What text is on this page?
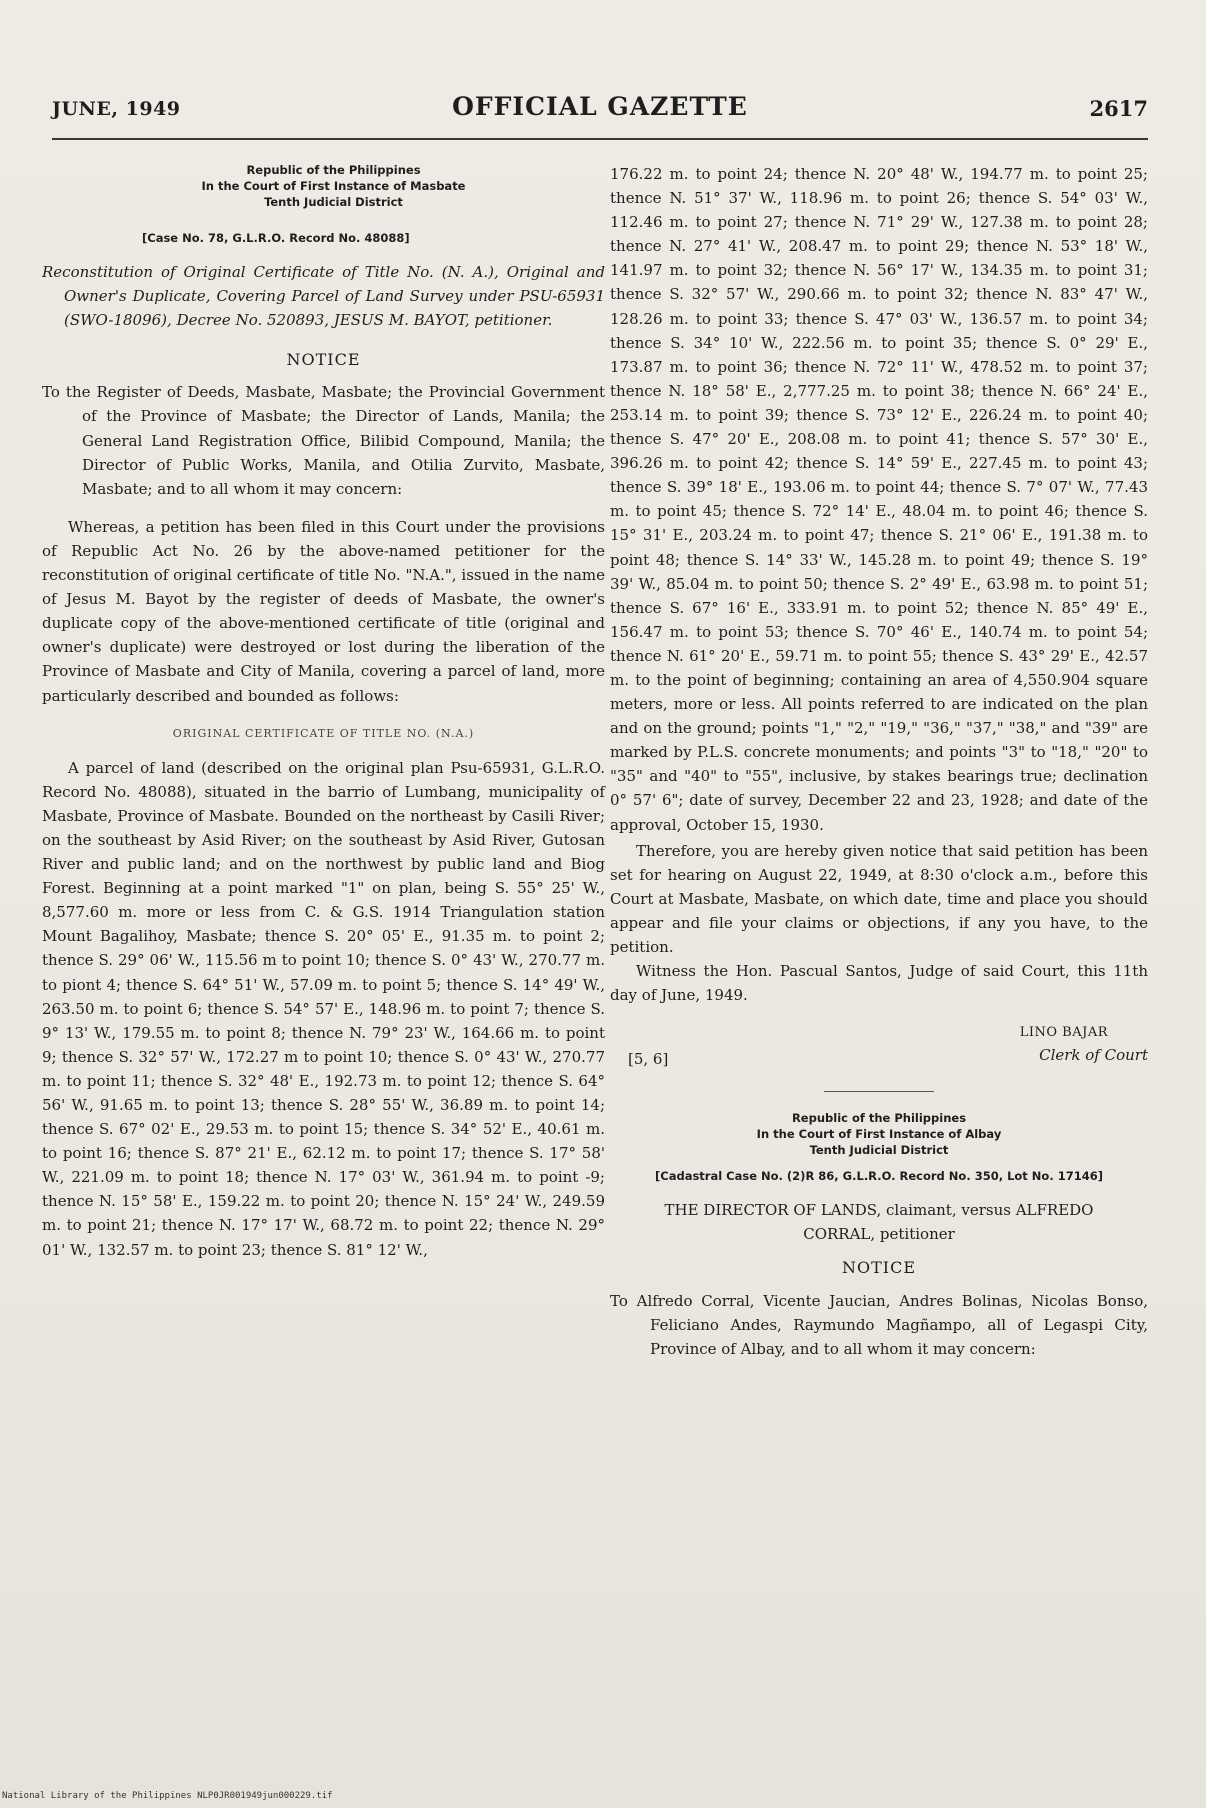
JUNE, 1949	OFFICIAL GAZETTE	2617
Republic of the Philippines
In the Court of First Instance of Masbate
Tenth Judicial District
[Case No. 78, G.L.R.O. Record No. 48088]

Reconstitution of Original Certificate of Title No. (N. A.), Original and Owner's Duplicate, Covering Parcel of Land Survey under PSU-65931 (SWO-18096), Decree No. 520893, JESUS M. BAYOT, petitioner.

NOTICE

To the Register of Deeds, Masbate, Masbate; the Provincial Government of the Province of Masbate; the Director of Lands, Manila; the General Land Registration Office, Bilibid Compound, Manila; the Director of Public Works, Manila, and Otilia Zurvito, Masbate, Masbate; and to all whom it may concern:

Whereas, a petition has been filed in this Court under the provisions of Republic Act No. 26 by the above-named petitioner for the reconstitution of original certificate of title No. "N.A.", issued in the name of Jesus M. Bayot by the register of deeds of Masbate, the owner's duplicate copy of the above-mentioned certificate of title (original and owner's duplicate) were destroyed or lost during the liberation of the Province of Masbate and City of Manila, covering a parcel of land, more particularly described and bounded as follows:

ORIGINAL CERTIFICATE OF TITLE NO. (N.A.)

A parcel of land (described on the original plan Psu-65931, G.L.R.O. Record No. 48088), situated in the barrio of Lumbang, municipality of Masbate, Province of Masbate. Bounded on the northeast by Casili River; on the southeast by Asid River; on the southeast by Asid River, Gutosan River and public land; and on the northwest by public land and Biog Forest. Beginning at a point marked "1" on plan, being S. 55° 25' W., 8,577.60 m. more or less from C. & G.S. 1914 Triangulation station Mount Bagalihoy, Masbate; thence S. 20° 05' E., 91.35 m. to point 2; thence S. 29° 06' W., 115.56 m to point 10; thence S. 0° 43' W., 270.77 m. to piont 4; thence S. 64° 51' W., 57.09 m. to point 5; thence S. 14° 49' W., 263.50 m. to point 6; thence S. 54° 57' E., 148.96 m. to point 7; thence S. 9° 13' W., 179.55 m. to point 8; thence N. 79° 23' W., 164.66 m. to point 9; thence S. 32° 57' W., 172.27 m to point 10; thence S. 0° 43' W., 270.77 m. to point 11; thence S. 32° 48' E., 192.73 m. to point 12; thence S. 64° 56' W., 91.65 m. to point 13; thence S. 28° 55' W., 36.89 m. to point 14; thence S. 67° 02' E., 29.53 m. to point 15; thence S. 34° 52' E., 40.61 m. to point 16; thence S. 87° 21' E., 62.12 m. to point 17; thence S. 17° 58' W., 221.09 m. to point 18; thence N. 17° 03' W., 361.94 m. to point -9; thence N. 15° 58' E., 159.22 m. to point 20; thence N. 15° 24' W., 249.59 m. to point 21; thence N. 17° 17' W., 68.72 m. to point 22; thence N. 29° 01' W., 132.57 m. to point 23; thence S. 81° 12' W.,

176.22 m. to point 24; thence N. 20° 48' W., 194.77 m. to point 25; thence N. 51° 37' W., 118.96 m. to point 26; thence S. 54° 03' W., 112.46 m. to point 27; thence N. 71° 29' W., 127.38 m. to point 28; thence N. 27° 41' W., 208.47 m. to point 29; thence N. 53° 18' W., 141.97 m. to point 32; thence N. 56° 17' W., 134.35 m. to point 31; thence S. 32° 57' W., 290.66 m. to point 32; thence N. 83° 47' W., 128.26 m. to point 33; thence S. 47° 03' W., 136.57 m. to point 34; thence S. 34° 10' W., 222.56 m. to point 35; thence S. 0° 29' E., 173.87 m. to point 36; thence N. 72° 11' W., 478.52 m. to point 37; thence N. 18° 58' E., 2,777.25 m. to point 38; thence N. 66° 24' E., 253.14 m. to point 39; thence S. 73° 12' E., 226.24 m. to point 40; thence S. 47° 20' E., 208.08 m. to point 41; thence S. 57° 30' E., 396.26 m. to point 42; thence S. 14° 59' E., 227.45 m. to point 43; thence S. 39° 18' E., 193.06 m. to point 44; thence S. 7° 07' W., 77.43 m. to point 45; thence S. 72° 14' E., 48.04 m. to point 46; thence S. 15° 31' E., 203.24 m. to point 47; thence S. 21° 06' E., 191.38 m. to point 48; thence S. 14° 33' W., 145.28 m. to point 49; thence S. 19° 39' W., 85.04 m. to point 50; thence S. 2° 49' E., 63.98 m. to point 51; thence S. 67° 16' E., 333.91 m. to point 52; thence N. 85° 49' E., 156.47 m. to point 53; thence S. 70° 46' E., 140.74 m. to point 54; thence N. 61° 20' E., 59.71 m. to point 55; thence S. 43° 29' E., 42.57 m. to the point of beginning; containing an area of 4,550.904 square meters, more or less. All points referred to are indicated on the plan and on the ground; points "1," "2," "19," "36," "37," "38," and "39" are marked by P.L.S. concrete monuments; and points "3" to "18," "20" to "35" and "40" to "55", inclusive, by stakes bearings true; declination 0° 57' 6"; date of survey, December 22 and 23, 1928; and date of the approval, October 15, 1930.

Therefore, you are hereby given notice that said petition has been set for hearing on August 22, 1949, at 8:30 o'clock a.m., before this Court at Masbate, Masbate, on which date, time and place you should appear and file your claims or objections, if any you have, to the petition.

Witness the Hon. Pascual Santos, Judge of said Court, this 11th day of June, 1949.

LINO BAJAR
Clerk of Court
[5, 6]
Republic of the Philippines
In the Court of First Instance of Albay
Tenth Judicial District
[Cadastral Case No. (2)R 86, G.L.R.O. Record No. 350, Lot No. 17146]
THE DIRECTOR OF LANDS, claimant, versus ALFREDO
CORRAL, petitioner
NOTICE

To Alfredo Corral, Vicente Jaucian, Andres Bolinas, Nicolas Bonso, Feliciano Andes, Raymundo Magñampo, all of Legaspi City, Province of Albay, and to all whom it may concern:

National Library of the Philippines NLP0JR001949jun000229.tif
